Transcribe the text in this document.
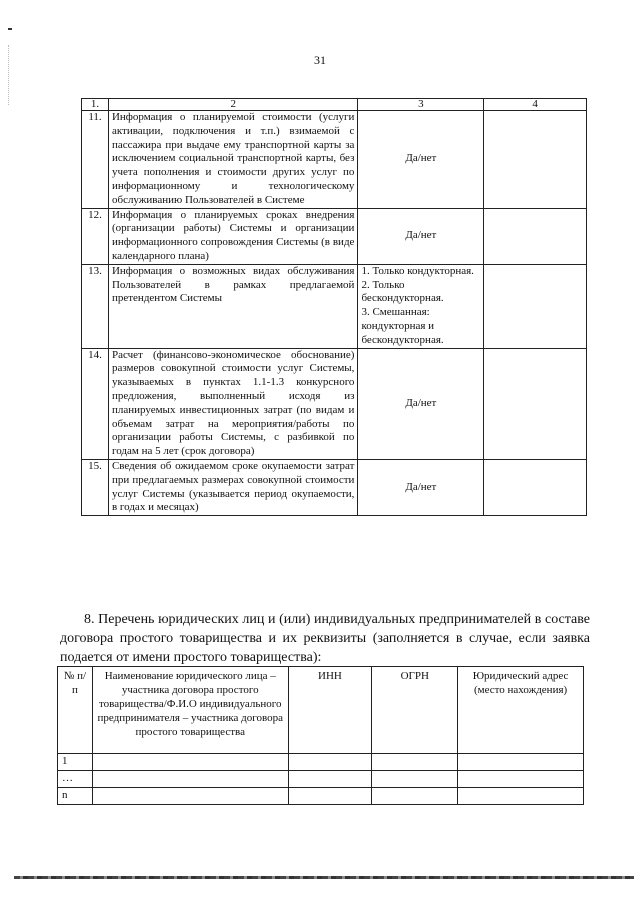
31
1.	2	3	4
11.	Информация о планируемой стоимости (услуги активации, подключения и т.п.) взимаемой с пассажира при выдаче ему транспортной карты за исключением социальной транспортной карты, без учета пополнения и стоимости других услуг по информационному и технологическому обслуживанию Пользователей в Системе	Да/нет	
12.	Информация о планируемых сроках внедрения (организации работы) Системы и организации информационного сопровождения Системы (в виде календарного плана)	Да/нет	
13.	Информация о возможных видах обслуживания Пользователей в рамках предлагаемой претендентом Системы	1. Только кондукторная.
2. Только бескондукторная.
3. Смешанная: кондукторная и бескондукторная.	

14.	Расчет (финансово-экономическое обоснование) размеров совокупной стоимости услуг Системы, указываемых в пунктах 1.1-1.3 конкурсного предложения, выполненный исходя из планируемых инвестиционных затрат (по видам и объемам затрат на мероприятия/работы по организации работы Системы, с разбивкой по годам на 5 лет (срок договора)	Да/нет	
15.	Сведения об ожидаемом сроке окупаемости затрат при предлагаемых размерах совокупной стоимости услуг Системы (указывается период окупаемости, в годах и месяцах)	Да/нет	
8. Перечень юридических лиц и (или) индивидуальных предпринимателей в составе договора простого товарищества и их реквизиты (заполняется в случае, если заявка подается от имени простого товарищества):
№ п/п	Наименование юридического лица – участника договора простого товарищества/Ф.И.О индивидуального предпринимателя – участника договора простого товарищества	ИНН	ОГРН	Юридический адрес (место нахождения)
1				
…				
n				
